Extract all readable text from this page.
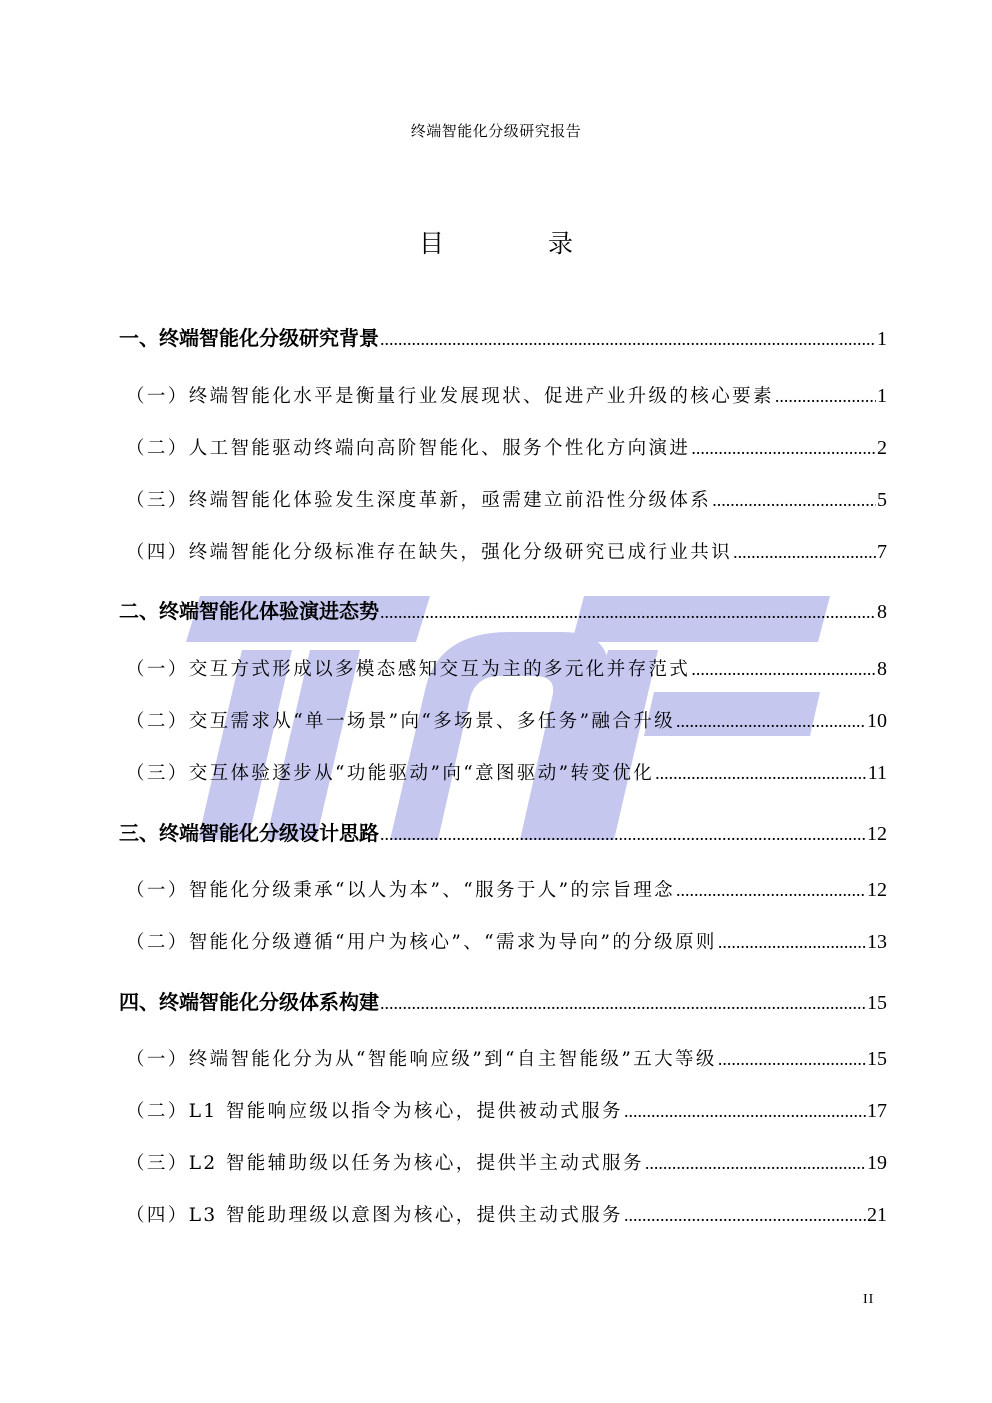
终端智能化分级研究报告
目 录
一、终端智能化分级研究背景 .....	1
（一）终端智能化水平是衡量行业发展现状、促进产业升级的核心要素 .....	1
（二）人工智能驱动终端向高阶智能化、服务个性化方向演进 .....	2
（三）终端智能化体验发生深度革新，亟需建立前沿性分级体系 .....	5
（四）终端智能化分级标准存在缺失，强化分级研究已成行业共识 .....	7
二、终端智能化体验演进态势 .....	8
（一）交互方式形成以多模态感知交互为主的多元化并存范式 .....	8
（二）交互需求从“单一场景”向“多场景、多任务”融合升级 .....	10
（三）交互体验逐步从“功能驱动”向“意图驱动”转变优化 .....	11
三、终端智能化分级设计思路 .....	12
（一）智能化分级秉承“以人为本”、“服务于人”的宗旨理念 .....	12
（二）智能化分级遵循“用户为核心”、“需求为导向”的分级原则 .....	13
四、终端智能化分级体系构建 .....	15
（一）终端智能化分为从“智能响应级”到“自主智能级”五大等级 .....	15
（二）L1 智能响应级以指令为核心，提供被动式服务 .....	17
（三）L2 智能辅助级以任务为核心，提供半主动式服务 .....	19
（四）L3 智能助理级以意图为核心，提供主动式服务 .....	21
II
